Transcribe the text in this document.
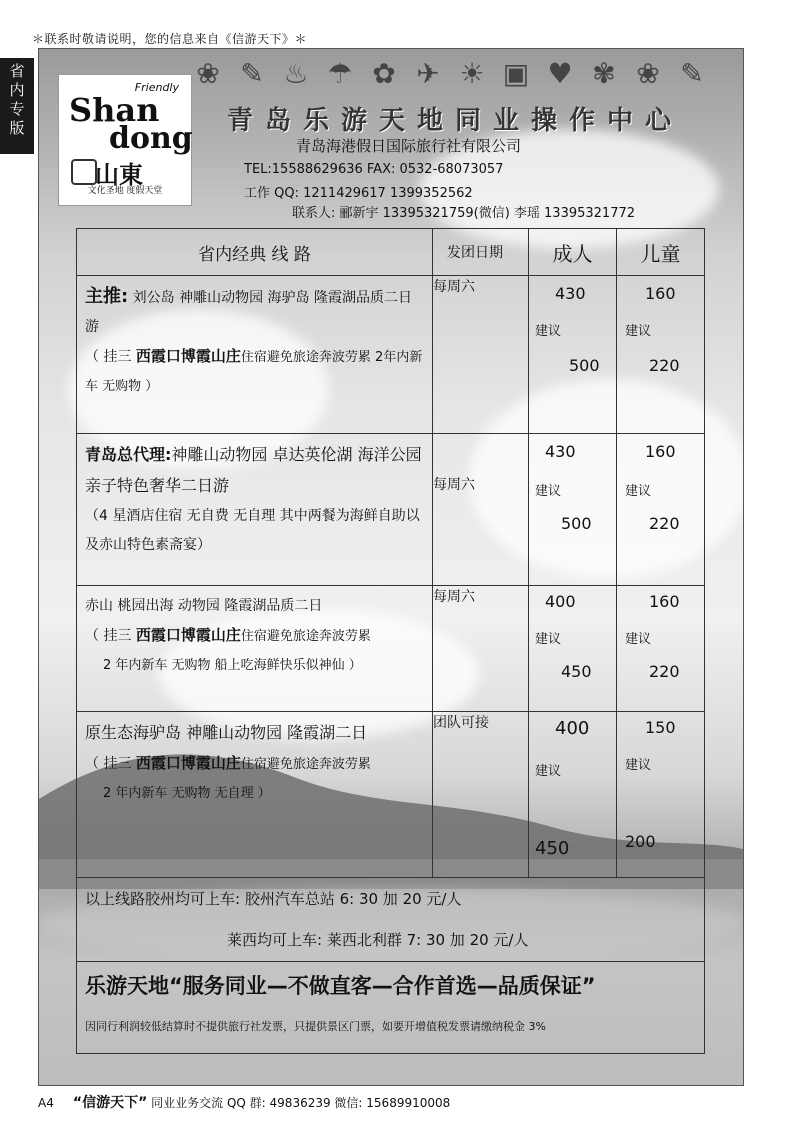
＊联系时敬请说明，您的信息来自《信游天下》＊
省
内
专
版
Friendly
Shan
dong
山東
文化圣地 度假天堂
❀ ✎ ♨ ☂ ✿ ✈ ☀ ▣ ♥ ✾ ❀ ✎
青岛乐游天地同业操作中心
青岛海港假日国际旅行社有限公司
TEL:15588629636 FAX: 0532-68073057
工作 QQ: 1211429617 1399352562
联系人: 郦新宇 13395321759(微信) 李瑶 13395321772
省内经典 线 路	发团日期	成人	儿童

主推: 刘公岛 神雕山动物园 海驴岛 隆霞湖品质二日游
（ 挂三 西霞口博霞山庄住宿避免旅途奔波劳累 2年内新车 无购物 ）	每周六	430
建议
500	160
建议
220

青岛总代理:神雕山动物园 卓达英伦湖 海洋公园 亲子特色奢华二日游
（4 星酒店住宿 无自费 无自理 其中两餐为海鲜自助以及赤山特色素斋宴）	每周六	430
建议
500	160
建议
220

赤山 桃园出海 动物园 隆霞湖品质二日
（ 挂三 西霞口博霞山庄住宿避免旅途奔波劳累
2 年内新车 无购物 船上吃海鲜快乐似神仙 ）	每周六	400
建议
450	160
建议
220

原生态海驴岛 神雕山动物园 隆霞湖二日
（ 挂三 西霞口博霞山庄住宿避免旅途奔波劳累
2 年内新车 无购物 无自理 ）	团队可接	400
建议
450	150
建议
200

以上线路胶州均可上车: 胶州汽车总站 6: 30 加 20 元/人
莱西均可上车: 莱西北利群 7: 30 加 20 元/人			

乐游天地“服务同业—不做直客—合作首选—品质保证”
因同行利润较低结算时不提供旅行社发票，只提供景区门票，如要开增值税发票请缴纳税金 3%			
A4 “信游天下” 同业业务交流 QQ 群: 49836239 微信: 15689910008
